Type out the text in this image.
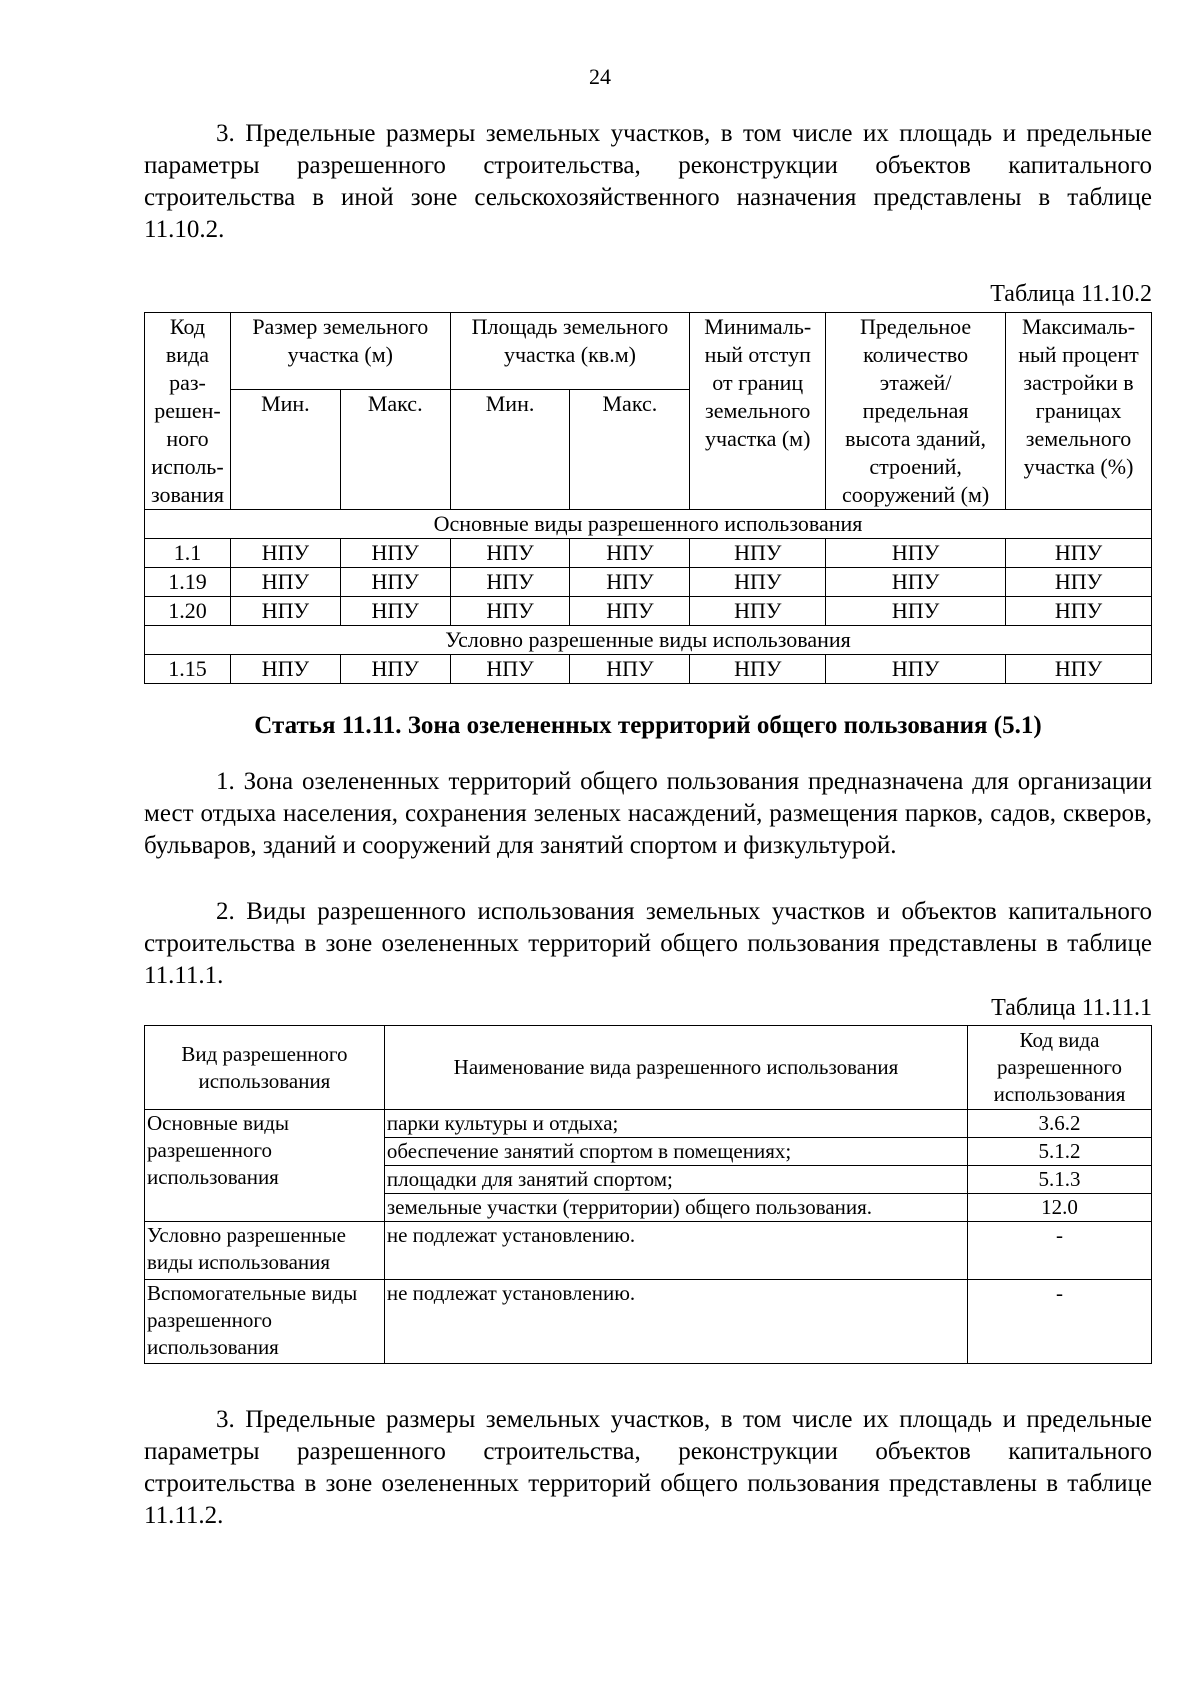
24

3. Предельные размеры земельных участков, в том числе их площадь и предельные параметры разрешенного строительства, реконструкции объектов капитального строительства в иной зоне сельскохозяйственного назначения представлены в таблице 11.10.2.

Таблица 11.10.2

Код вида раз-решен-ного исполь-зования	Размер земельного участка (м)		Площадь земельного участка (кв.м)		Минималь-ный отступ от границ земельного участка (м)	Предельное количество этажей/ предельная высота зданий, строений, сооружений (м)	Максималь-ный процент застройки в границах земельного участка (%)
	Мин.	Макс.	Мин.	Макс.			
Основные виды разрешенного использования							
1.1	НПУ	НПУ	НПУ	НПУ	НПУ	НПУ	НПУ
1.19	НПУ	НПУ	НПУ	НПУ	НПУ	НПУ	НПУ
1.20	НПУ	НПУ	НПУ	НПУ	НПУ	НПУ	НПУ
Условно разрешенные виды использования							
1.15	НПУ	НПУ	НПУ	НПУ	НПУ	НПУ	НПУ
Статья 11.11. Зона озелененных территорий общего пользования (5.1)

1. Зона озелененных территорий общего пользования предназначена для организации мест отдыха населения, сохранения зеленых насаждений, размещения парков, садов, скверов, бульваров, зданий и сооружений для занятий спортом и физкультурой.

2. Виды разрешенного использования земельных участков и объектов капитального строительства в зоне озелененных территорий общего пользования представлены в таблице 11.11.1.

Таблица 11.11.1

Вид разрешенного использования	Наименование вида разрешенного использования	Код вида разрешенного использования
Основные виды разрешенного использования	парки культуры и отдыха;	3.6.2
	обеспечение занятий спортом в помещениях;	5.1.2
	площадки для занятий спортом;	5.1.3
	земельные участки (территории) общего пользования.	12.0
Условно разрешенные виды использования	не подлежат установлению.	-
Вспомогательные виды разрешенного использования	не подлежат установлению.	-

3. Предельные размеры земельных участков, в том числе их площадь и предельные параметры разрешенного строительства, реконструкции объектов капитального строительства в зоне озелененных территорий общего пользования представлены в таблице 11.11.2.
